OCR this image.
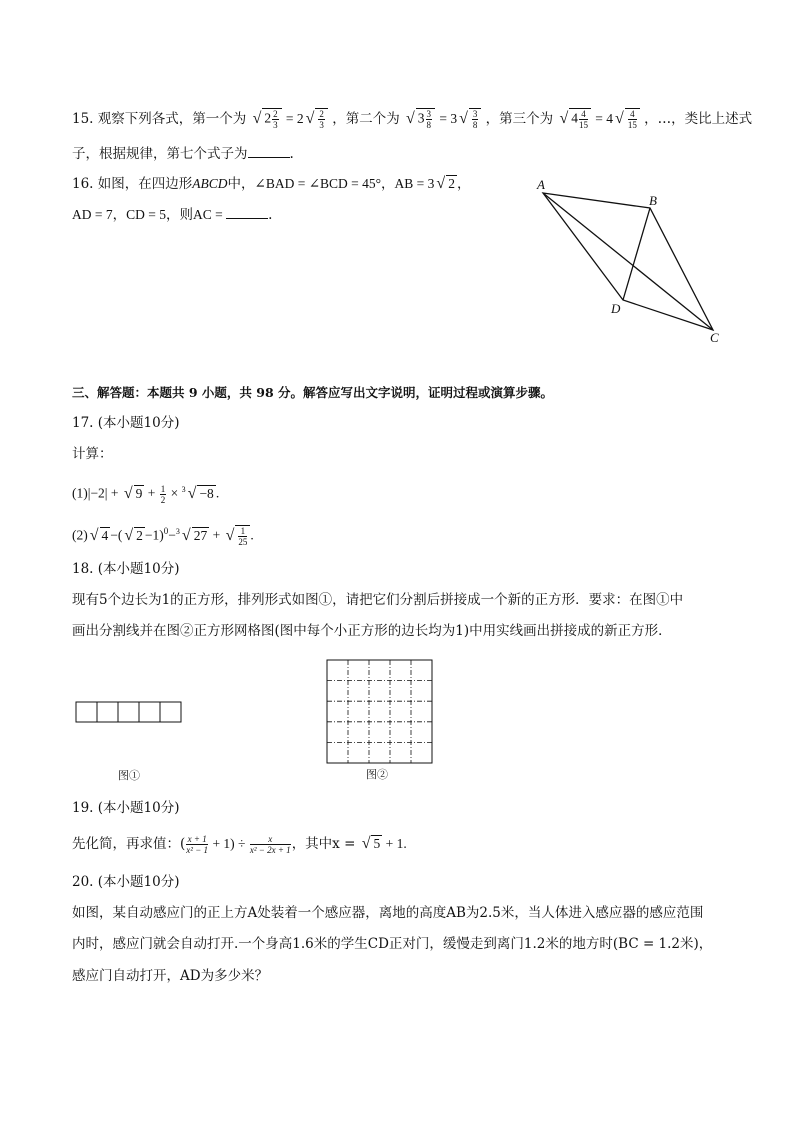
15. 观察下列各式，第一个为 √ $2 \frac{2}{3} = 2$ √ $\frac{2}{3}$ ，第二个为 √ $3 \frac{3}{8} = 3$ √ $\frac{3}{8}$ ，第三个为 √ $4 \frac{4}{15} = 4$ √ $\frac{4}{15}$ ，…，类比上述式
子，根据规律，第七个式子为	.
16. 如图，在四边形ABCD中，∠BAD = ∠BCD = 45°，AB = 3 √ 2 ，
AD = 7，CD = 5，则AC =	.
A
B
C
D
三、解答题：本题共 9 小题，共 98 分。解答应写出文字说明，证明过程或演算步骤。
17. (本小题10分)
计算：
(1)|−2| + √ $9 + \frac{1}{2} \times ^3$ √ −8 .
(2) √ 4 −( √ 2 −1)$^0$−$^3$ √ 27 + √ $\frac{1}{25}$ .
18. (本小题10分)
现有5个边长为1的正方形，排列形式如图①，请把它们分割后拼接成一个新的正方形．要求：在图①中
画出分割线并在图②正方形网格图(图中每个小正方形的边长均为1)中用实线画出拼接成的新正方形．
图①	图②
19. (本小题10分)
先化简，再求值：( $\frac{x + 1}{\text{x² − 1}} + 1) \div \frac{x}{\text{x² − 2x + 1}}$ ，其中x = √ 5 + 1.
20. (本小题10分)
如图，某自动感应门的正上方A处装着一个感应器，离地的高度AB为2.5米，当人体进入感应器的感应范围
内时，感应门就会自动打开.一个身高1.6米的学生CD正对门，缓慢走到离门1.2米的地方时(BC = 1.2米)，
感应门自动打开，AD为多少米？
